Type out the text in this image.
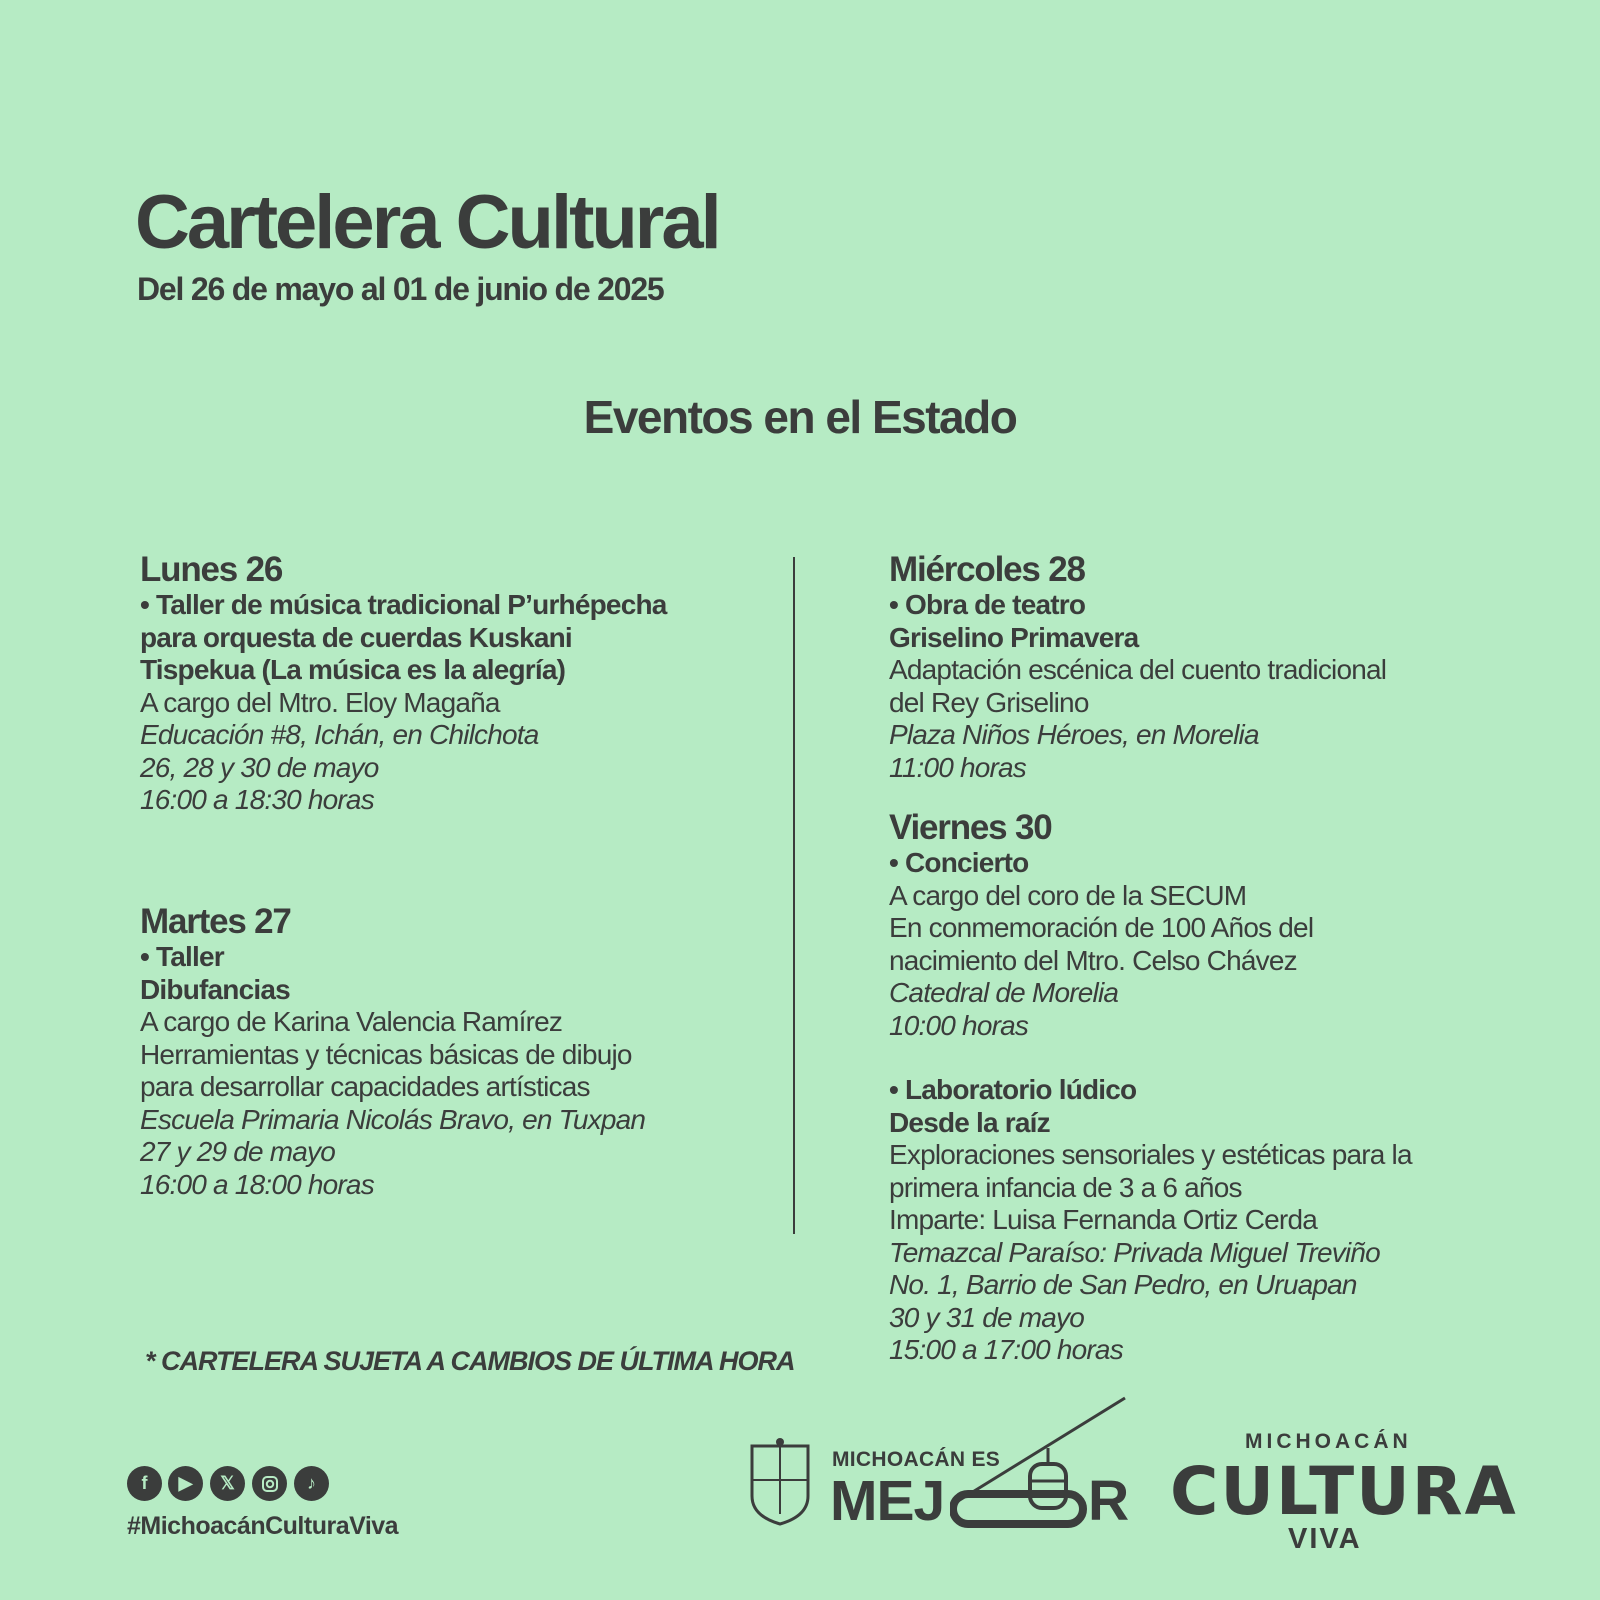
Cartelera Cultural
Del 26 de mayo al 01 de junio de 2025
Eventos en el Estado
Lunes 26
• Taller de música tradicional P’urhépecha
para orquesta de cuerdas Kuskani
Tispekua (La música es la alegría)
A cargo del Mtro. Eloy Magaña
Educación #8, Ichán, en Chilchota
26, 28 y 30 de mayo
16:00 a 18:30 horas
Martes 27
• Taller
Dibufancias
A cargo de Karina Valencia Ramírez
Herramientas y técnicas básicas de dibujo
para desarrollar capacidades artísticas
Escuela Primaria Nicolás Bravo, en Tuxpan
27 y 29 de mayo
16:00 a 18:00 horas
Miércoles 28
• Obra de teatro
Griselino Primavera
Adaptación escénica del cuento tradicional
del Rey Griselino
Plaza Niños Héroes, en Morelia
11:00 horas
Viernes 30
• Concierto
A cargo del coro de la SECUM
En conmemoración de 100 Años del
nacimiento del Mtro. Celso Chávez
Catedral de Morelia
10:00 horas
• Laboratorio lúdico
Desde la raíz
Exploraciones sensoriales y estéticas para la
primera infancia de 3 a 6 años
Imparte: Luisa Fernanda Ortiz Cerda
Temazcal Paraíso: Privada Miguel Treviño
No. 1, Barrio de San Pedro, en Uruapan
30 y 31 de mayo
15:00 a 17:00 horas
* CARTELERA SUJETA A CAMBIOS DE ÚLTIMA HORA
f	▶	𝕏	♪
#MichoacánCulturaViva
MICHOACÁN ES
MEJ	R
MICHOACÁN
CULTURA
VIVA
